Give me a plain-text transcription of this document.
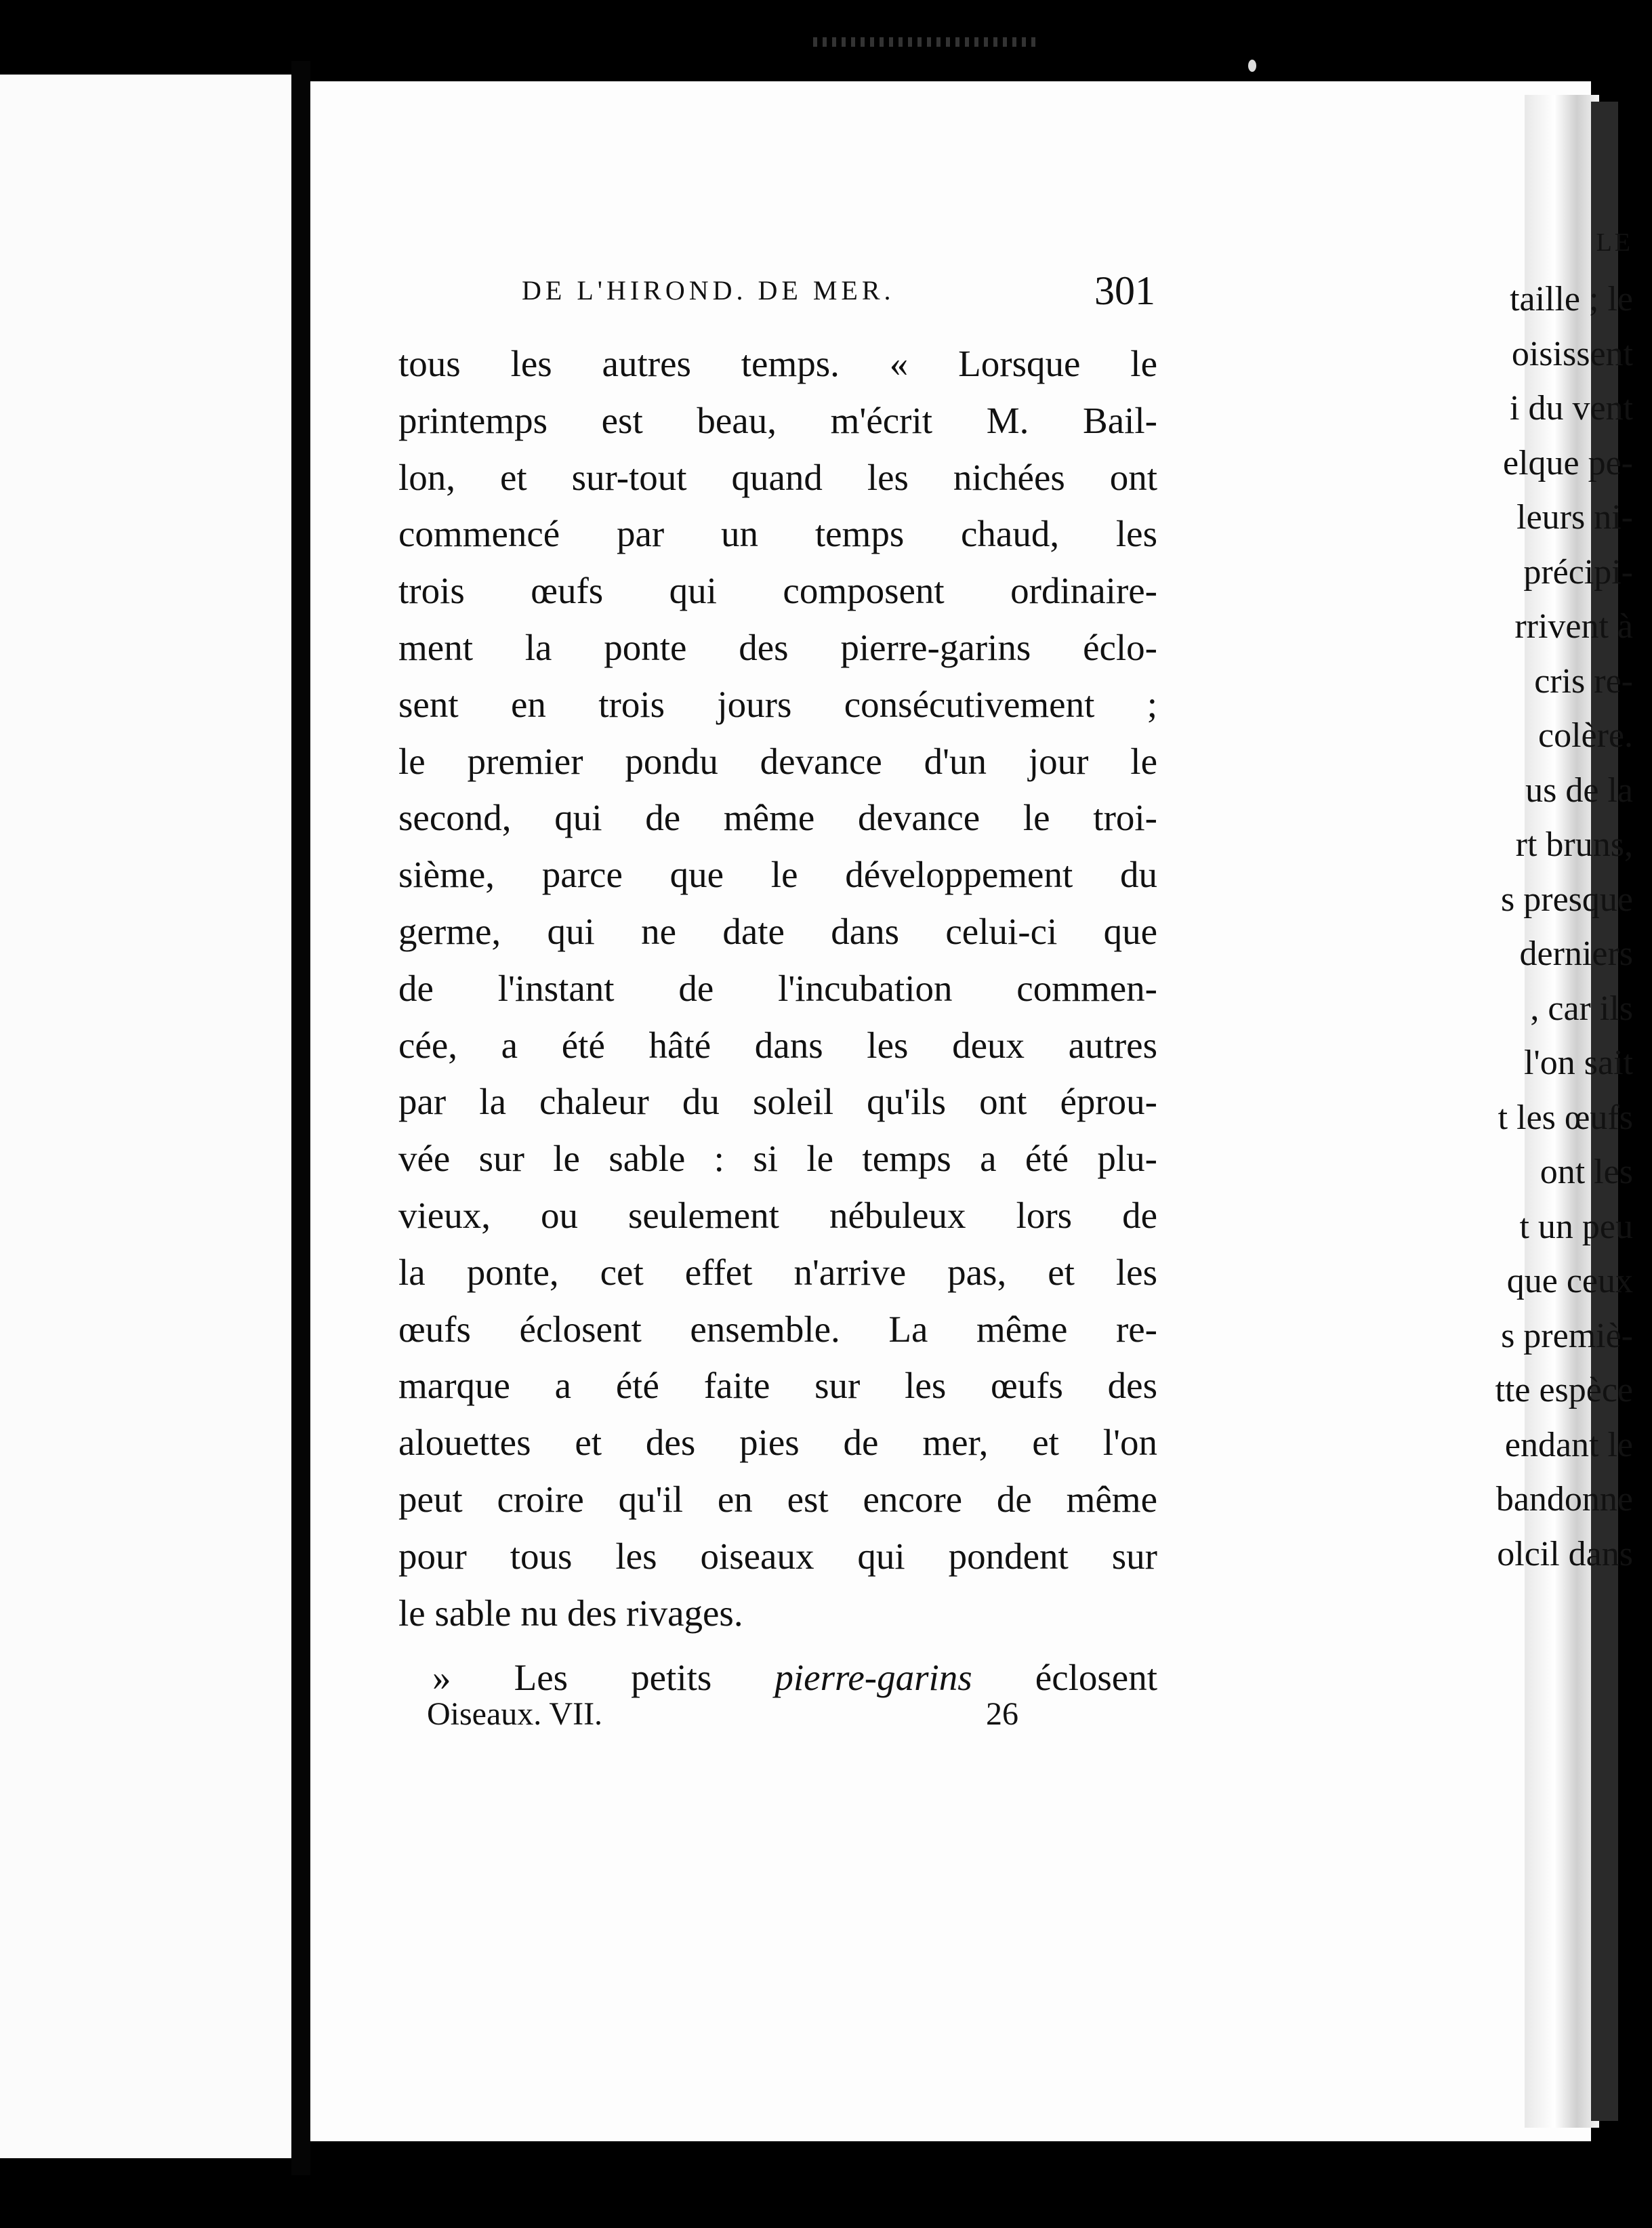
LE
taille ; le
oisissent
i du vent
elque pe-
leurs ni-
précipi-
rrivent à
cris re-
colère.
us de la
rt bruns,
s presque
derniers
, car ils
l'on sait
t les œufs
ont les
t un peu
que ceux
s premiè-
tte espèce
endant le
bandonne
olcil dans
DE L'HIROND. DE MER.	301
tous les autres temps. « Lorsque le
printemps est beau, m'écrit M. Bail-
lon, et sur-tout quand les nichées ont
commencé par un temps chaud, les
trois œufs qui composent ordinaire-
ment la ponte des pierre-garins éclo-
sent en trois jours consécutivement ;
le premier pondu devance d'un jour le
second, qui de même devance le troi-
sième, parce que le développement du
germe, qui ne date dans celui-ci que
de l'instant de l'incubation commen-
cée, a été hâté dans les deux autres
par la chaleur du soleil qu'ils ont éprou-
vée sur le sable : si le temps a été plu-
vieux, ou seulement nébuleux lors de
la ponte, cet effet n'arrive pas, et les
œufs éclosent ensemble. La même re-
marque a été faite sur les œufs des
alouettes et des pies de mer, et l'on
peut croire qu'il en est encore de même
pour tous les oiseaux qui pondent sur
le sable nu des rivages.
» Les petits pierre-garins éclosent
Oiseaux. VII.	26
